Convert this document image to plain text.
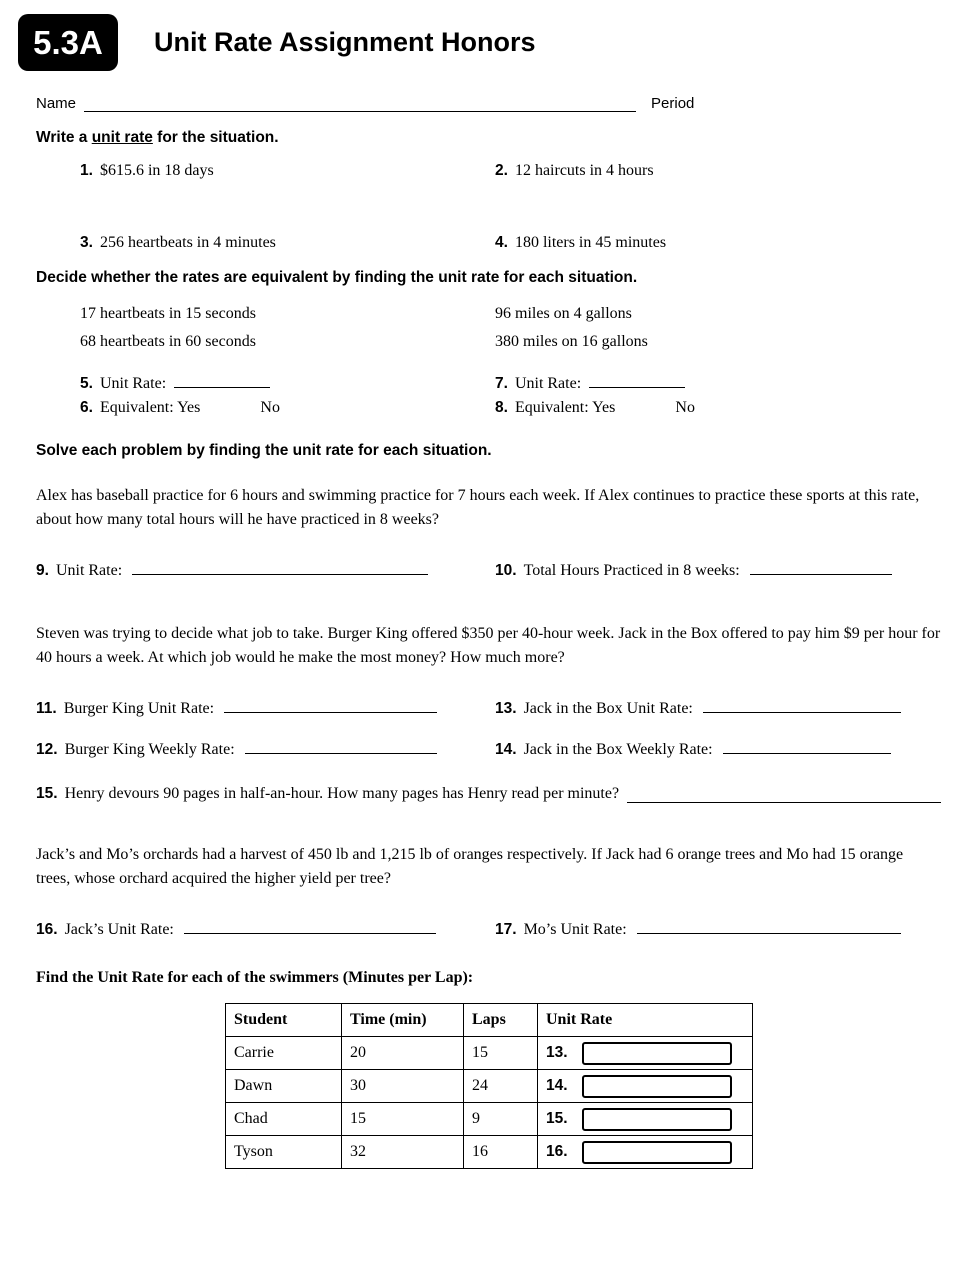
5.3A	Unit Rate Assignment Honors
Name	Period
Write a unit rate for the situation.
1. $615.6 in 18 days	2. 12 haircuts in 4 hours
3. 256 heartbeats in 4 minutes	4. 180 liters in 45 minutes
Decide whether the rates are equivalent by finding the unit rate for each situation.
17 heartbeats in 15 seconds
68 heartbeats in 60 seconds
96 miles on 4 gallons
380 miles on 16 gallons
5. Unit Rate:
6. Equivalent: Yes	No
7. Unit Rate:
8. Equivalent: Yes	No
Solve each problem by finding the unit rate for each situation.

Alex has baseball practice for 6 hours and swimming practice for 7 hours each week. If Alex continues to practice these sports at this rate, about how many total hours will he have practiced in 8 weeks?

9. Unit Rate:	10. Total Hours Practiced in 8 weeks:

Steven was trying to decide what job to take. Burger King offered $350 per 40-hour week. Jack in the Box offered to pay him $9 per hour for 40 hours a week. At which job would he make the most money? How much more?

11. Burger King Unit Rate:	13. Jack in the Box Unit Rate:
12. Burger King Weekly Rate:	14. Jack in the Box Weekly Rate:
15. Henry devours 90 pages in half-an-hour. How many pages has Henry read per minute?

Jack’s and Mo’s orchards had a harvest of 450 lb and 1,215 lb of oranges respectively. If Jack had 6 orange trees and Mo had 15 orange trees, whose orchard acquired the higher yield per tree?

16. Jack’s Unit Rate:	17. Mo’s Unit Rate:
Find the Unit Rate for each of the swimmers (Minutes per Lap):
Student	Time (min)	Laps	Unit Rate
Carrie	20	15	13.
Dawn	30	24	14.
Chad	15	9	15.
Tyson	32	16	16.
